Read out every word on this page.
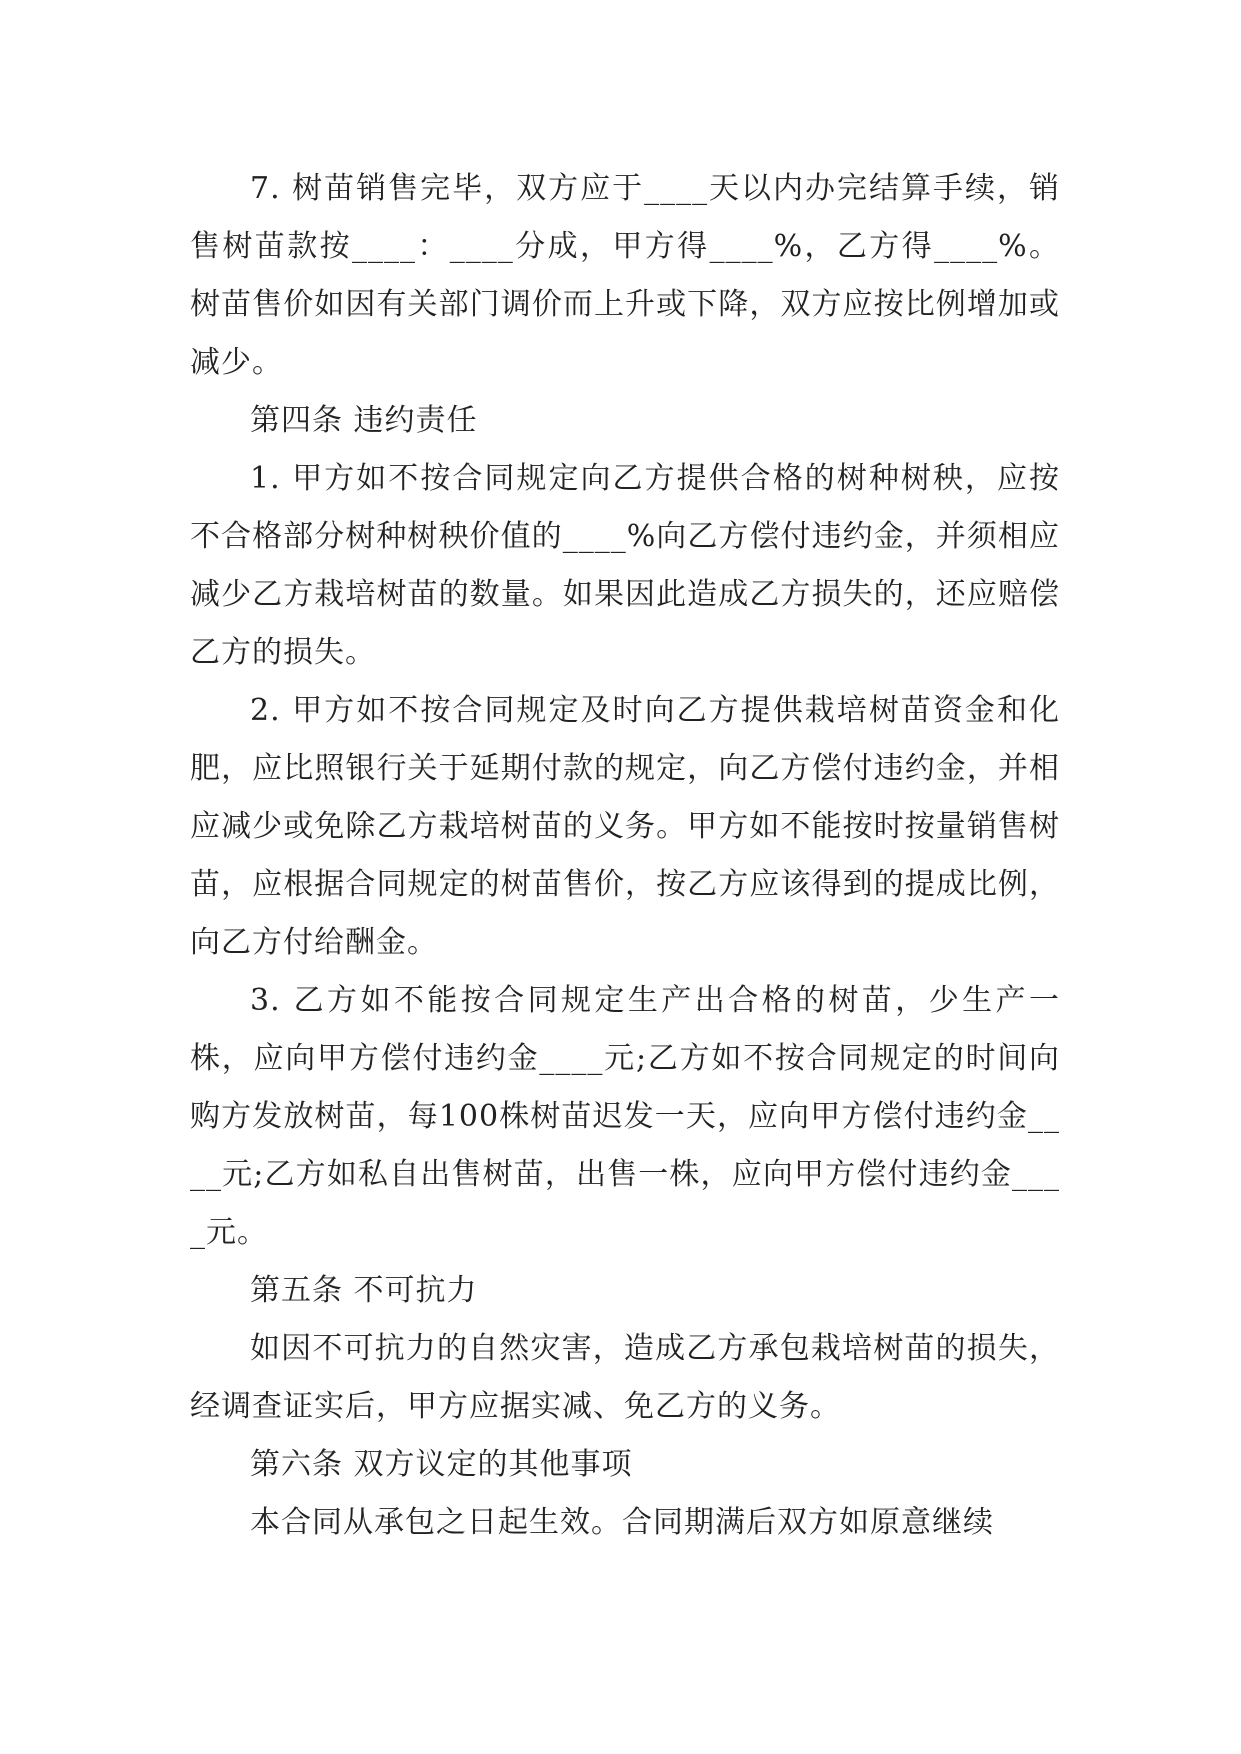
7. 树苗销售完毕，双方应于____天以内办完结算手续，销售树苗款按____：____分成，甲方得____%，乙方得____%。树苗售价如因有关部门调价而上升或下降，双方应按比例增加或减少。

第四条 违约责任

1. 甲方如不按合同规定向乙方提供合格的树种树秧，应按不合格部分树种树秧价值的____%向乙方偿付违约金，并须相应减少乙方栽培树苗的数量。如果因此造成乙方损失的，还应赔偿乙方的损失。

2. 甲方如不按合同规定及时向乙方提供栽培树苗资金和化肥，应比照银行关于延期付款的规定，向乙方偿付违约金，并相应减少或免除乙方栽培树苗的义务。甲方如不能按时按量销售树苗，应根据合同规定的树苗售价，按乙方应该得到的提成比例，向乙方付给酬金。

3. 乙方如不能按合同规定生产出合格的树苗，少生产一株，应向甲方偿付违约金____元;乙方如不按合同规定的时间向购方发放树苗，每100株树苗迟发一天，应向甲方偿付违约金____元;乙方如私自出售树苗，出售一株，应向甲方偿付违约金____元。

第五条 不可抗力

如因不可抗力的自然灾害，造成乙方承包栽培树苗的损失，经调查证实后，甲方应据实减、免乙方的义务。

第六条 双方议定的其他事项

本合同从承包之日起生效。合同期满后双方如原意继续
